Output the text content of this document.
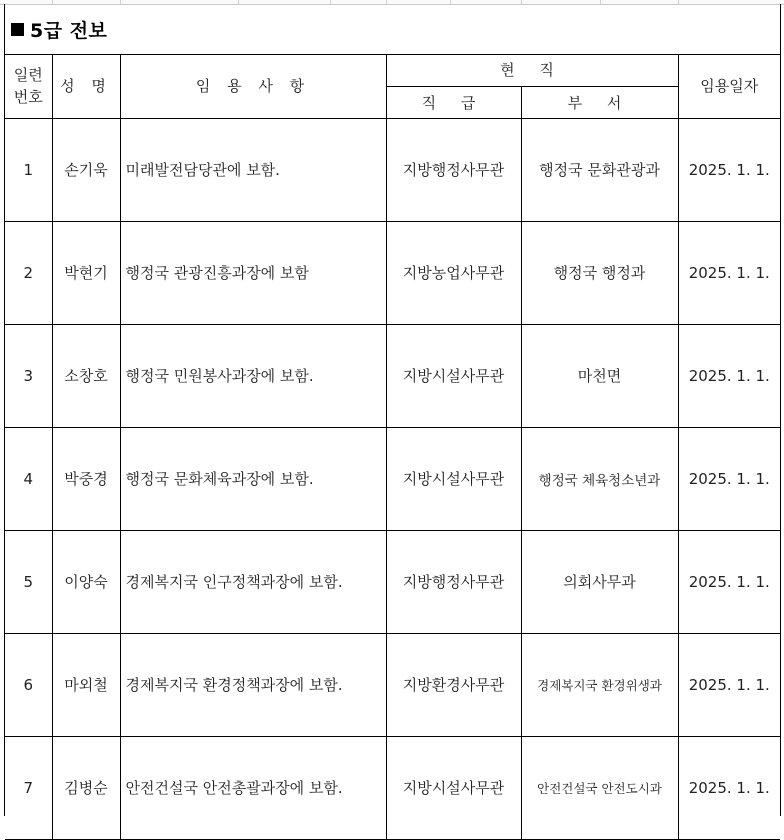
5급 전보
일련 번호	성 명	임 용 사 항	현 직		임용일자
			직 급	부 서	
1	손기욱	미래발전담당관에 보함.	지방행정사무관	행정국 문화관광과	2025. 1. 1.
2	박현기	행정국 관광진흥과장에 보함	지방농업사무관	행정국 행정과	2025. 1. 1.
3	소창호	행정국 민원봉사과장에 보함.	지방시설사무관	마천면	2025. 1. 1.
4	박중경	행정국 문화체육과장에 보함.	지방시설사무관	행정국 체육청소년과	2025. 1. 1.
5	이양숙	경제복지국 인구정책과장에 보함.	지방행정사무관	의회사무과	2025. 1. 1.
6	마외철	경제복지국 환경정책과장에 보함.	지방환경사무관	경제복지국 환경위생과	2025. 1. 1.
7	김병순	안전건설국 안전총괄과장에 보함.	지방시설사무관	안전건설국 안전도시과	2025. 1. 1.
